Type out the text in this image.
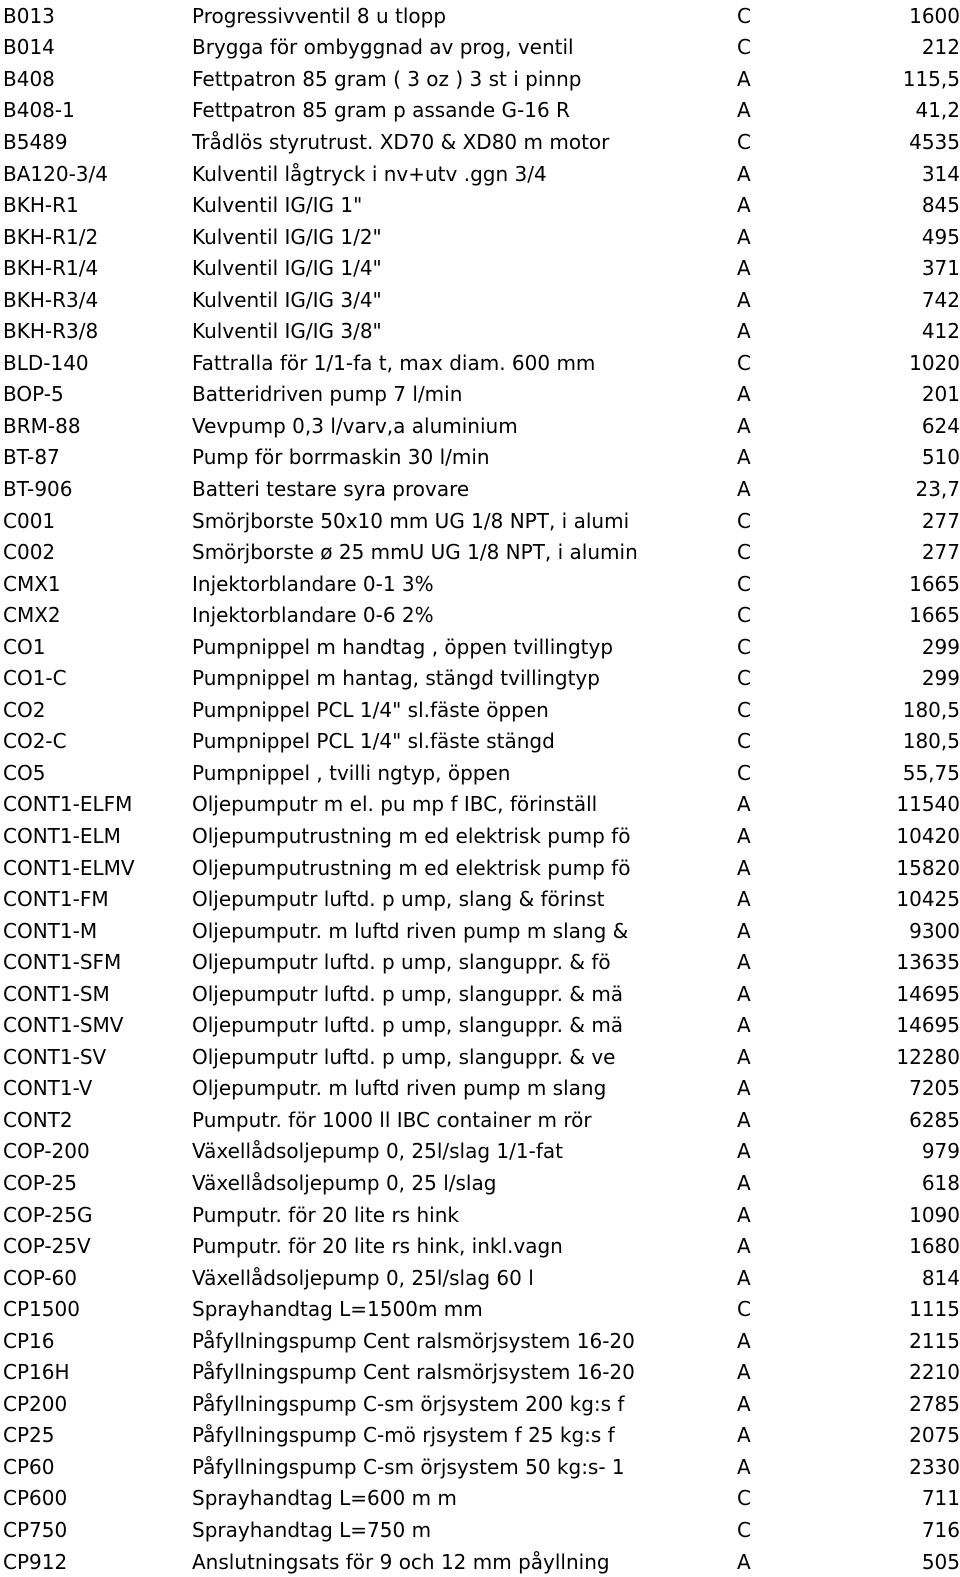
B013	Progressivventil 8 u tlopp	C	1600
B014	Brygga för ombyggnad av prog, ventil	C	212
B408	Fettpatron 85 gram ( 3 oz ) 3 st i pinnp	A	115,5
B408-1	Fettpatron 85 gram p assande G-16 R	A	41,2
B5489	Trådlös styrutrust. XD70 & XD80 m motor	C	4535
BA120-3/4	Kulventil lågtryck i nv+utv .ggn 3/4	A	314
BKH-R1	Kulventil IG/IG 1"	A	845
BKH-R1/2	Kulventil IG/IG 1/2"	A	495
BKH-R1/4	Kulventil IG/IG 1/4"	A	371
BKH-R3/4	Kulventil IG/IG 3/4"	A	742
BKH-R3/8	Kulventil IG/IG 3/8"	A	412
BLD-140	Fattralla för 1/1-fa t, max diam. 600 mm	C	1020
BOP-5	Batteridriven pump 7 l/min	A	201
BRM-88	Vevpump 0,3 l/varv,a aluminium	A	624
BT-87	Pump för borrmaskin 30 l/min	A	510
BT-906	Batteri testare syra provare	A	23,7
C001	Smörjborste 50x10 mm UG 1/8 NPT, i alumi	C	277
C002	Smörjborste ø 25 mmU UG 1/8 NPT, i alumin	C	277
CMX1	Injektorblandare 0-1 3%	C	1665
CMX2	Injektorblandare 0-6 2%	C	1665
CO1	Pumpnippel m handtag , öppen tvillingtyp	C	299
CO1-C	Pumpnippel m hantag, stängd tvillingtyp	C	299
CO2	Pumpnippel PCL 1/4" sl.fäste öppen	C	180,5
CO2-C	Pumpnippel PCL 1/4" sl.fäste stängd	C	180,5
CO5	Pumpnippel , tvilli ngtyp, öppen	C	55,75
CONT1-ELFM	Oljepumputr m el. pu mp f IBC, förinställ	A	11540
CONT1-ELM	Oljepumputrustning m ed elektrisk pump fö	A	10420
CONT1-ELMV	Oljepumputrustning m ed elektrisk pump fö	A	15820
CONT1-FM	Oljepumputr luftd. p ump, slang & förinst	A	10425
CONT1-M	Oljepumputr. m luftd riven pump m slang &	A	9300
CONT1-SFM	Oljepumputr luftd. p ump, slanguppr. & fö	A	13635
CONT1-SM	Oljepumputr luftd. p ump, slanguppr. & mä	A	14695
CONT1-SMV	Oljepumputr luftd. p ump, slanguppr. & mä	A	14695
CONT1-SV	Oljepumputr luftd. p ump, slanguppr. & ve	A	12280
CONT1-V	Oljepumputr. m luftd riven pump m slang	A	7205
CONT2	Pumputr. för 1000 ll IBC container m rör	A	6285
COP-200	Växellådsoljepump 0, 25l/slag 1/1-fat	A	979
COP-25	Växellådsoljepump 0, 25 l/slag	A	618
COP-25G	Pumputr. för 20 lite rs hink	A	1090
COP-25V	Pumputr. för 20 lite rs hink, inkl.vagn	A	1680
COP-60	Växellådsoljepump 0, 25l/slag 60 l	A	814
CP1500	Sprayhandtag L=1500m mm	C	1115
CP16	Påfyllningspump Cent ralsmörjsystem 16-20	A	2115
CP16H	Påfyllningspump Cent ralsmörjsystem 16-20	A	2210
CP200	Påfyllningspump C-sm örjsystem 200 kg:s f	A	2785
CP25	Påfyllningspump C-mö rjsystem f 25 kg:s f	A	2075
CP60	Påfyllningspump C-sm örjsystem 50 kg:s- 1	A	2330
CP600	Sprayhandtag L=600 m m	C	711
CP750	Sprayhandtag L=750 m	C	716
CP912	Anslutningsats för 9 och 12 mm påyllning	A	505
